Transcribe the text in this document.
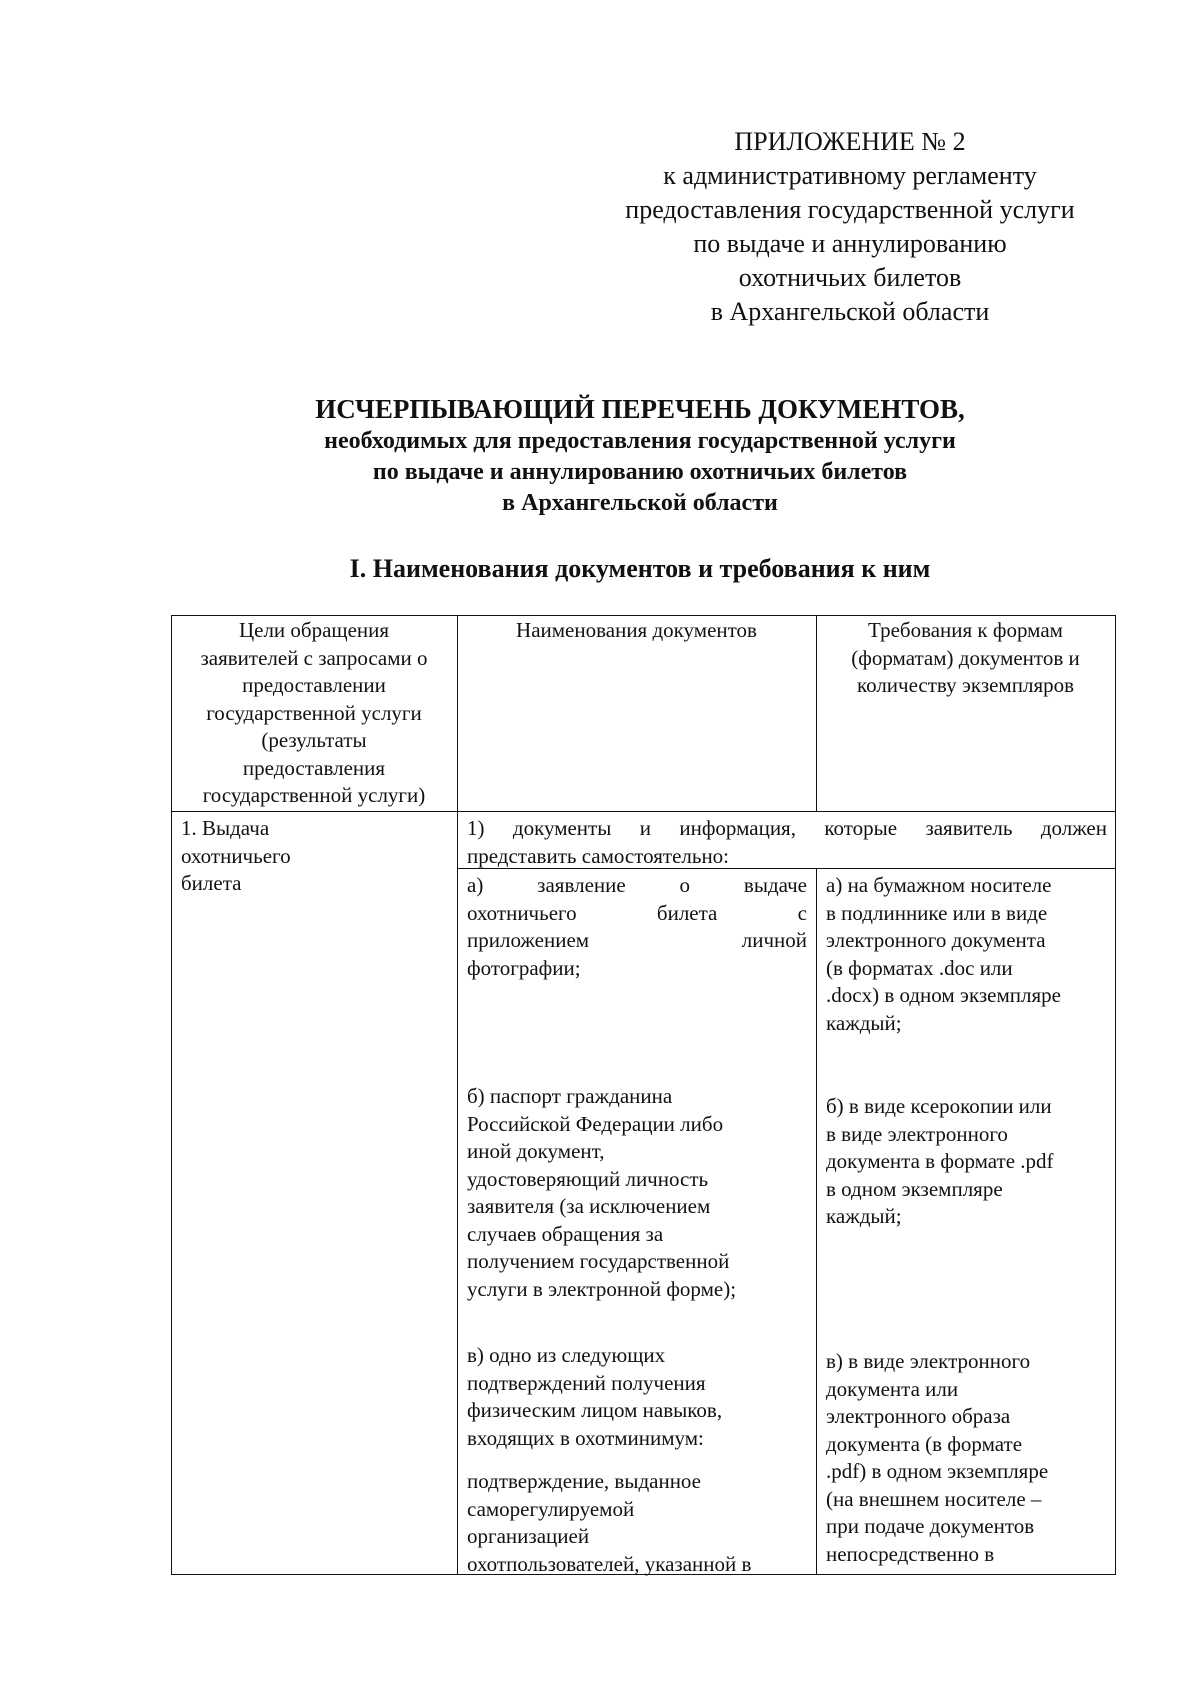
ПРИЛОЖЕНИЕ № 2
к административному регламенту
предоставления государственной услуги
по выдаче и аннулированию
охотничьих билетов
в Архангельской области
ИСЧЕРПЫВАЮЩИЙ ПЕРЕЧЕНЬ ДОКУМЕНТОВ,
необходимых для предоставления государственной услуги
по выдаче и аннулированию охотничьих билетов
в Архангельской области
I. Наименования документов и требования к ним
Цели обращения
заявителей с запросами о
предоставлении
государственной услуги
(результаты
предоставления
государственной услуги)
Наименования документов	Требования к формам
(форматам) документов и
количеству экземпляров
1. Выдача
охотничьего
билета
1) документы и информация, которые заявитель должен
представить самостоятельно:
а) заявление о выдаче
охотничьего билета с
приложением личной
фотографии;
а) на бумажном носителе
в подлиннике или в виде
электронного документа
(в форматах .doc или
.docx) в одном экземпляре
каждый;
б) паспорт гражданина
Российской Федерации либо
иной документ,
удостоверяющий личность
заявителя (за исключением
случаев обращения за
получением государственной
услуги в электронной форме);
б) в виде ксерокопии или
в виде электронного
документа в формате .pdf
в одном экземпляре
каждый;
в) одно из следующих
подтверждений получения
физическим лицом навыков,
входящих в охотминимум:
подтверждение, выданное
саморегулируемой
организацией
охотпользователей, указанной в
в) в виде электронного
документа или
электронного образа
документа (в формате
.pdf) в одном экземпляре
(на внешнем носителе –
при подаче документов
непосредственно в
